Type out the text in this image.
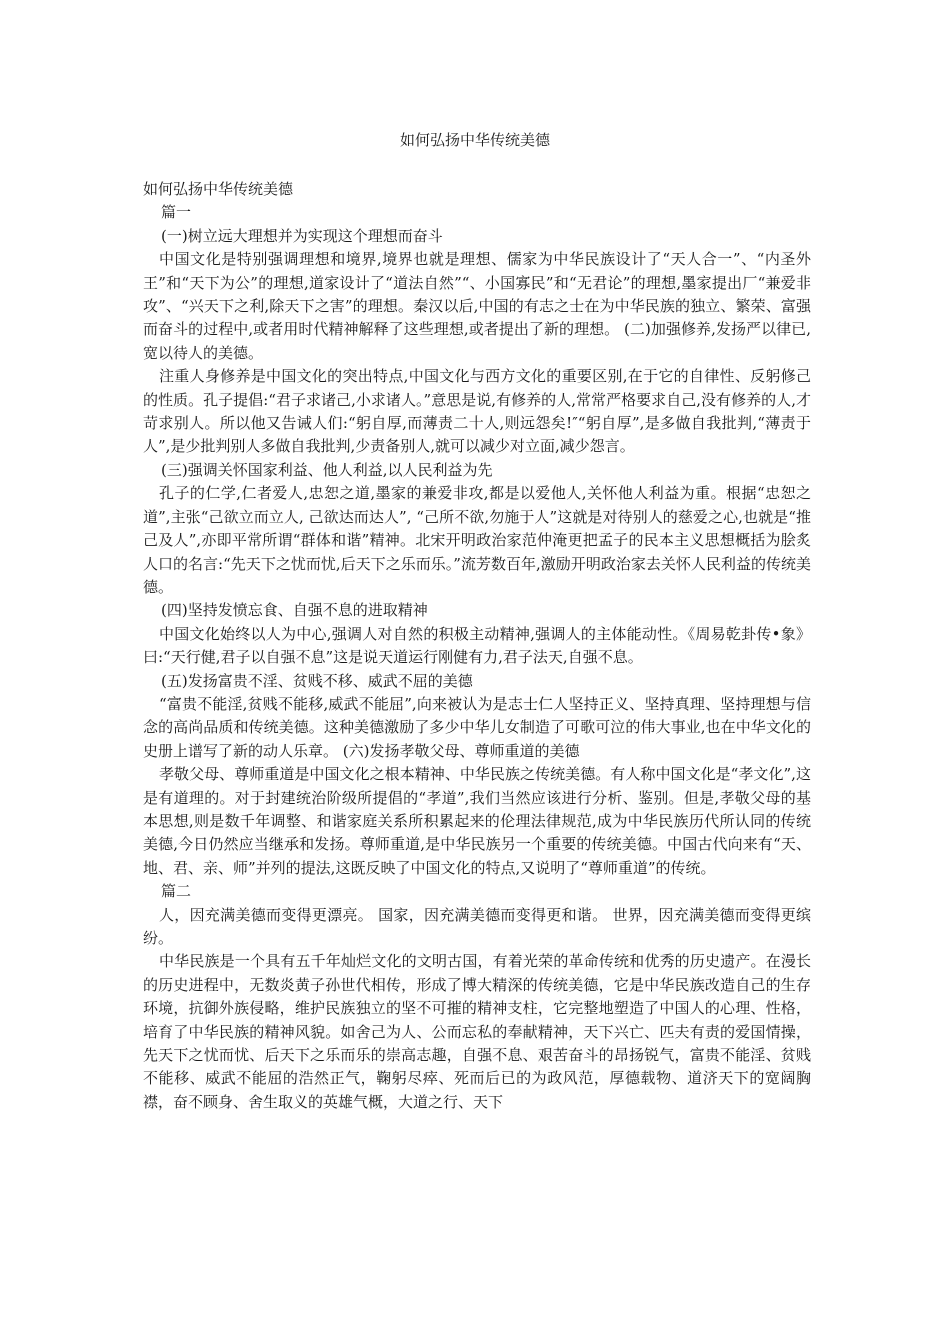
如何弘扬中华传统美德

如何弘扬中华传统美德

篇一

(一)树立远大理想并为实现这个理想而奋斗

中国文化是特别强调理想和境界,境界也就是理想、儒家为中华民族设计了“天人合一”、“内圣外王”和“天下为公”的理想,道家设计了“道法自然”“、小国寡民”和“无君论”的理想,墨家提出厂“兼爱非攻”、“兴天下之利,除天下之害”的理想。秦汉以后,中国的有志之士在为中华民族的独立、繁荣、富强而奋斗的过程中,或者用时代精神解释了这些理想,或者提出了新的理想。 (二)加强修养,发扬严以律已,宽以待人的美德。

注重人身修养是中国文化的突出特点,中国文化与西方文化的重要区别,在于它的自律性、反躬修己的性质。孔子提倡:“君子求诸己,小求诸人。”意思是说,有修养的人,常常严格要求自己,没有修养的人,才苛求别人。所以他又告诫人们:“躬自厚,而薄责二十人,则远怨矣!″“躬自厚”,是多做自我批判,“薄责于人”,是少批判别人多做自我批判,少责备别人,就可以减少对立面,减少怨言。

(三)强调关怀国家利益、他人利益,以人民利益为先

孔子的仁学,仁者爱人,忠恕之道,墨家的兼爱非攻,都是以爱他人,关怀他人利益为重。根据“忠恕之道”,主张“己欲立而立人, 己欲达而达人”, “己所不欲,勿施于人”这就是对待别人的慈爱之心,也就是“推己及人”,亦即平常所谓“群体和谐”精神。北宋开明政治家范仲淹更把孟子的民本主义思想概括为脍炙人口的名言:“先天下之忧而忧,后天下之乐而乐。”流芳数百年,激励开明政治家去关怀人民利益的传统美德。

(四)坚持发愤忘食、自强不息的进取精神

中国文化始终以人为中心,强调人对自然的积极主动精神,强调人的主体能动性。《周易乾卦传•象》曰:“天行健,君子以自强不息”这是说天道运行刚健有力,君子法天,自强不息。

(五)发扬富贵不淫、贫贱不移、威武不屈的美德

“富贵不能淫,贫贱不能移,威武不能屈”,向来被认为是志士仁人坚持正义、坚持真理、坚持理想与信念的高尚品质和传统美德。这种美德激励了多少中华儿女制造了可歌可泣的伟大事业,也在中华文化的史册上谱写了新的动人乐章。 (六)发扬孝敬父母、尊师重道的美德

孝敬父母、尊师重道是中国文化之根本精神、中华民族之传统美德。有人称中国文化是“孝文化”,这是有道理的。对于封建统治阶级所提倡的“孝道”,我们当然应该进行分析、鉴别。但是,孝敬父母的基本思想,则是数千年调整、和谐家庭关系所积累起来的伦理法律规范,成为中华民族历代所认同的传统美德,今日仍然应当继承和发扬。尊师重道,是中华民族另一个重要的传统美德。中国古代向来有“天、地、君、亲、师”并列的提法,这既反映了中国文化的特点,又说明了“尊师重道”的传统。

篇二

人，因充满美德而变得更漂亮。 国家，因充满美德而变得更和谐。 世界，因充满美德而变得更缤纷。

中华民族是一个具有五千年灿烂文化的文明古国，有着光荣的革命传统和优秀的历史遗产。在漫长的历史进程中，无数炎黄子孙世代相传，形成了博大精深的传统美德，它是中华民族改造自己的生存环境，抗御外族侵略，维护民族独立的坚不可摧的精神支柱，它完整地塑造了中国人的心理、性格，培育了中华民族的精神风貌。如舍己为人、公而忘私的奉献精神，天下兴亡、匹夫有责的爱国情操，先天下之忧而忧、后天下之乐而乐的崇高志趣，自强不息、艰苦奋斗的昂扬锐气，富贵不能淫、贫贱不能移、威武不能屈的浩然正气，鞠躬尽瘁、死而后已的为政风范，厚德载物、道济天下的宽阔胸襟，奋不顾身、舍生取义的英雄气概，大道之行、天下
